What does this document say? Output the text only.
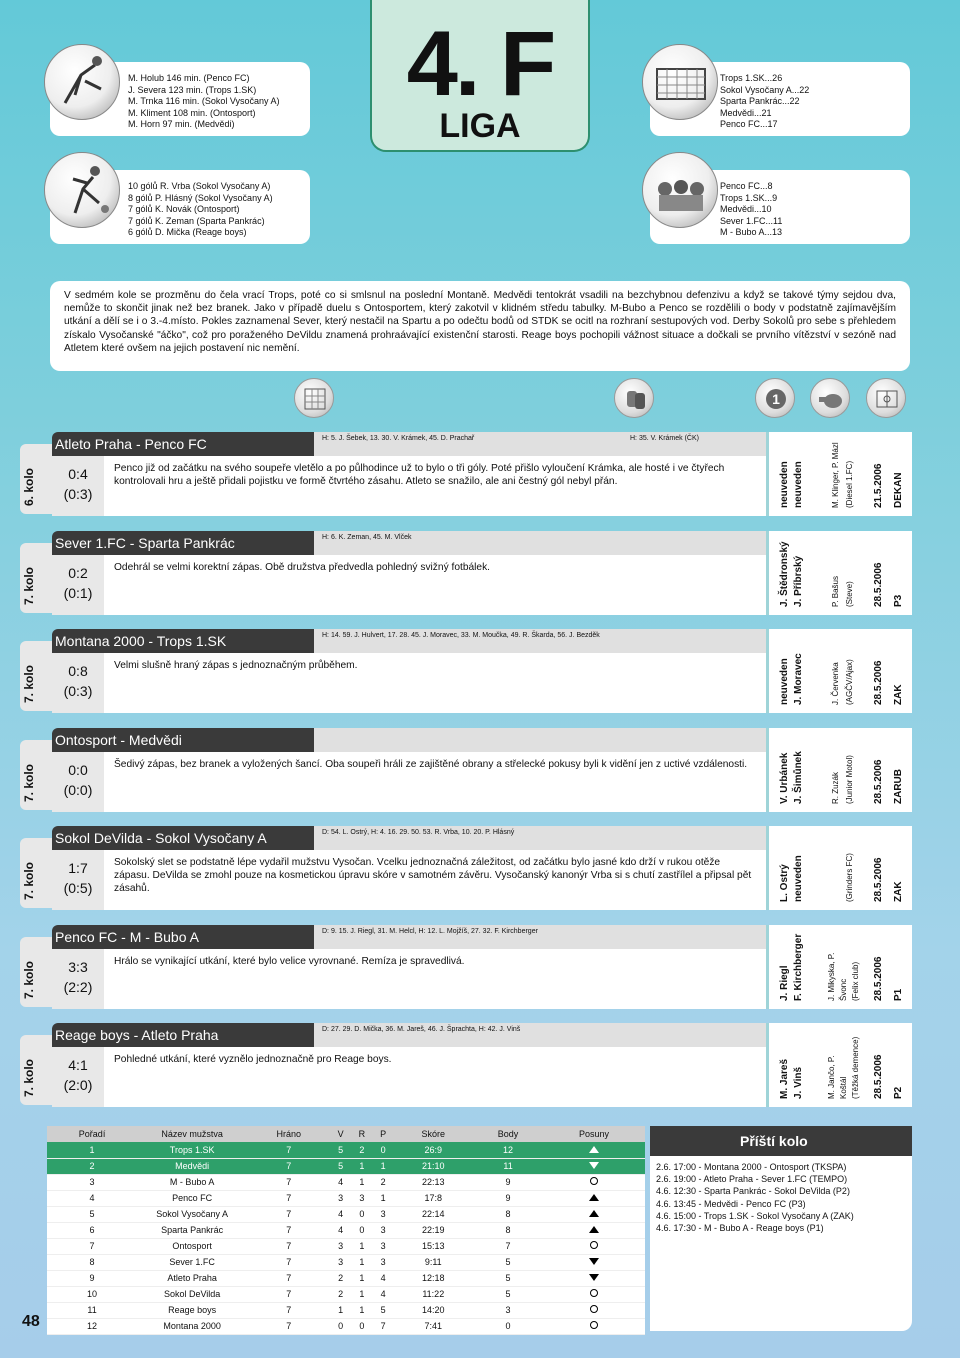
M. Holub 146 min. (Penco FC)
J. Severa 123 min. (Trops 1.SK)
M. Trnka 116 min. (Sokol Vysočany A)
M. Kliment 108 min. (Ontosport)
M. Horn 97 min. (Medvědi)
Trops 1.SK...26
Sokol Vysočany A...22
Sparta Pankrác...22
Medvědi...21
Penco FC...17
10 gólů R. Vrba (Sokol Vysočany A)
8 gólů P. Hlásný (Sokol Vysočany A)
7 gólů K. Novák (Ontosport)
7 gólů K. Zeman (Sparta Pankrác)
6 gólů D. Mička (Reage boys)
Penco FC...8
Trops 1.SK...9
Medvědi...10
Sever 1.FC...11
M - Bubo A...13
4. F
LIGA
V sedmém kole se prozměnu do čela vrací Trops, poté co si smlsnul na poslední Montaně. Medvědi tentokrát vsadili na bezchybnou defenzivu a když se takové týmy sejdou dva, nemůže to skončit jinak než bez branek. Jako v případě duelu s Ontosportem, který zakotvil v klidném středu tabulky. M-Bubo a Penco se rozdělili o body v podstatně zajímavějším utkání a dělí se i o 3.-4.místo. Pokles zaznamenal Sever, který nestačil na Spartu a po odečtu bodů od STDK se ocitl na rozhraní sestupových vod. Derby Sokolů pro sebe s přehledem získalo Vysočanské "áčko", což pro poraženého DeVildu znamená prohraávající existenční starosti. Reage boys pochopili vážnost situace a dočkali se prvního vítězství v sezóně nad Atletem které ovšem na jejich postavení nic nemění.
1
6. kolo
Atleto Praha - Penco FC	H: 5. J. Šebek, 13. 30. V. Krámek, 45. D. Prachař	H: 35. V. Krámek (ČK)
0:4
(0:3)
Penco již od začátku na svého soupeře vletělo a po půlhodince už to bylo o tři góly. Poté přišlo vyloučení Krámka, ale hosté i ve čtyřech kontrolovali hru a ještě přidali pojistku ve formě čtvrtého zásahu. Atleto se snažilo, ale ani čestný gól nebyl přán.	neuveden neuveden	M. Klinger, P. Mázl (Diesel 1.FC) 21.5.2006 DEKAN
7. kolo
Sever 1.FC - Sparta Pankrác	H: 6. K. Zeman, 45. M. Vlček
0:2
(0:1)
Odehrál se velmi korektní zápas. Obě družstva předvedla pohledný svižný fotbálek.	J. Štědronský J. Příbrský	P. Bašus (Steve) 28.5.2006 P3
7. kolo
Montana 2000 - Trops 1.SK	H: 14. 59. J. Hulvert, 17. 28. 45. J. Moravec, 33. M. Moučka, 49. R. Škarda, 56. J. Bezděk
0:8
(0:3)
Velmi slušně hraný zápas s jednoznačným průběhem.	neuveden J. Moravec	J. Červenka (AGČV/Ajax) 28.5.2006 ZAK
7. kolo
Ontosport - Medvědi
0:0
(0:0)
Šedivý zápas, bez branek a vyložených šancí. Oba soupeři hráli ze zajištěné obrany a střelecké pokusy byli k vidění jen z uctivé vzdálenosti.	V. Urbánek J. Šimůnek	R. Zuzák (Junior Motol) 28.5.2006 ZARUB
7. kolo
Sokol DeVilda - Sokol Vysočany A	D: 54. L. Ostrý, H: 4. 16. 29. 50. 53. R. Vrba, 10. 20. P. Hlásný
1:7
(0:5)
Sokolský slet se podstatně lépe vydařil mužstvu Vysočan. Vcelku jednoznačná záležitost, od začátku bylo jasné kdo drží v rukou otěže zápasu. DeVilda se zmohl pouze na kosmetickou úpravu skóre v samotném závěru. Vysočanský kanonýr Vrba si s chutí zastřílel a připsal pět zásahů.	L. Ostrý neuveden	(Grinders FC) 28.5.2006 ZAK
7. kolo
Penco FC - M - Bubo A	D: 9. 15. J. Riegl, 31. M. Helcl, H: 12. L. Mojžíš, 27. 32. F. Kirchberger
3:3
(2:2)
Hrálo se vynikající utkání, které bylo velice vyrovnané. Remíza je spravedlivá.
J. Riegl F. Kirchberger	J. Mikyska, P. Švonc (Felix club) 28.5.2006 P1
7. kolo
Reage boys - Atleto Praha	D: 27. 29. D. Mička, 36. M. Jareš, 46. J. Šprachta, H: 42. J. Vinš
4:1
(2:0)
Pohledné utkání, které vyznělo jednoznačně pro Reage boys.	M. Jareš J. Vinš	M. Jančo, P. Koštál (Těžká demence) 28.5.2006 P2
Pořadí	Název mužstva	Hráno	V	R	P	Skóre	Body	Posuny
1	Trops 1.SK	7	5	2	0	26:9	12	
2	Medvědi	7	5	1	1	21:10	11	
3	M - Bubo A	7	4	1	2	22:13	9	
4	Penco FC	7	3	3	1	17:8	9	
5	Sokol Vysočany A	7	4	0	3	22:14	8	
6	Sparta Pankrác	7	4	0	3	22:19	8	
7	Ontosport	7	3	1	3	15:13	7	
8	Sever 1.FC	7	3	1	3	9:11	5	
9	Atleto Praha	7	2	1	4	12:18	5	
10	Sokol DeVilda	7	2	1	4	11:22	5	
11	Reage boys	7	1	1	5	14:20	3	
12	Montana 2000	7	0	0	7	7:41	0	
Příští kolo
2.6. 17:00 - Montana 2000 - Ontosport (TKSPA)
2.6. 19:00 - Atleto Praha - Sever 1.FC (TEMPO)
4.6. 12:30 - Sparta Pankrác - Sokol DeVilda (P2)
4.6. 13:45 - Medvědi - Penco FC (P3)
4.6. 15:00 - Trops 1.SK - Sokol Vysočany A (ZAK)
4.6. 17:30 - M - Bubo A - Reage boys (P1)
48
